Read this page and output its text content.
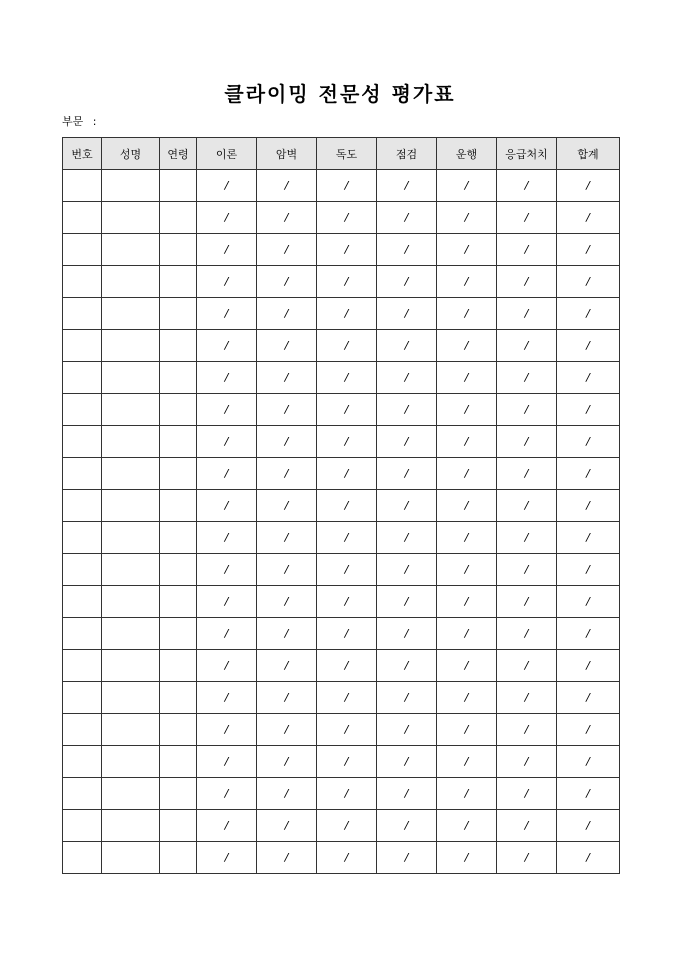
클라이밍 전문성 평가표
부문 :
번호	성명	연령	이론	암벽	독도	점검	운행	응급처치	합계
			/	/	/	/	/	/	/
			/	/	/	/	/	/	/
			/	/	/	/	/	/	/
			/	/	/	/	/	/	/
			/	/	/	/	/	/	/
			/	/	/	/	/	/	/
			/	/	/	/	/	/	/
			/	/	/	/	/	/	/
			/	/	/	/	/	/	/
			/	/	/	/	/	/	/
			/	/	/	/	/	/	/
			/	/	/	/	/	/	/
			/	/	/	/	/	/	/
			/	/	/	/	/	/	/
			/	/	/	/	/	/	/
			/	/	/	/	/	/	/
			/	/	/	/	/	/	/
			/	/	/	/	/	/	/
			/	/	/	/	/	/	/
			/	/	/	/	/	/	/
			/	/	/	/	/	/	/
			/	/	/	/	/	/	/
